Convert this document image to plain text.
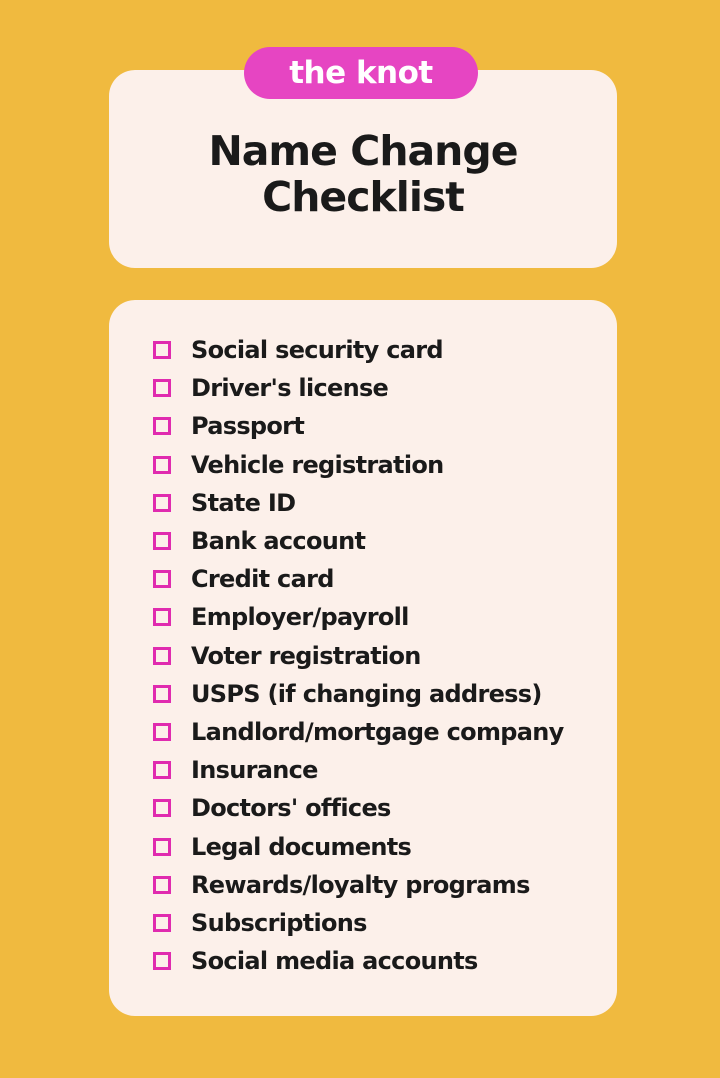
the knot
Name Change
Checklist
Social security card
Driver's license
Passport
Vehicle registration
State ID
Bank account
Credit card
Employer/payroll
Voter registration
USPS (if changing address)
Landlord/mortgage company
Insurance
Doctors' offices
Legal documents
Rewards/loyalty programs
Subscriptions
Social media accounts
